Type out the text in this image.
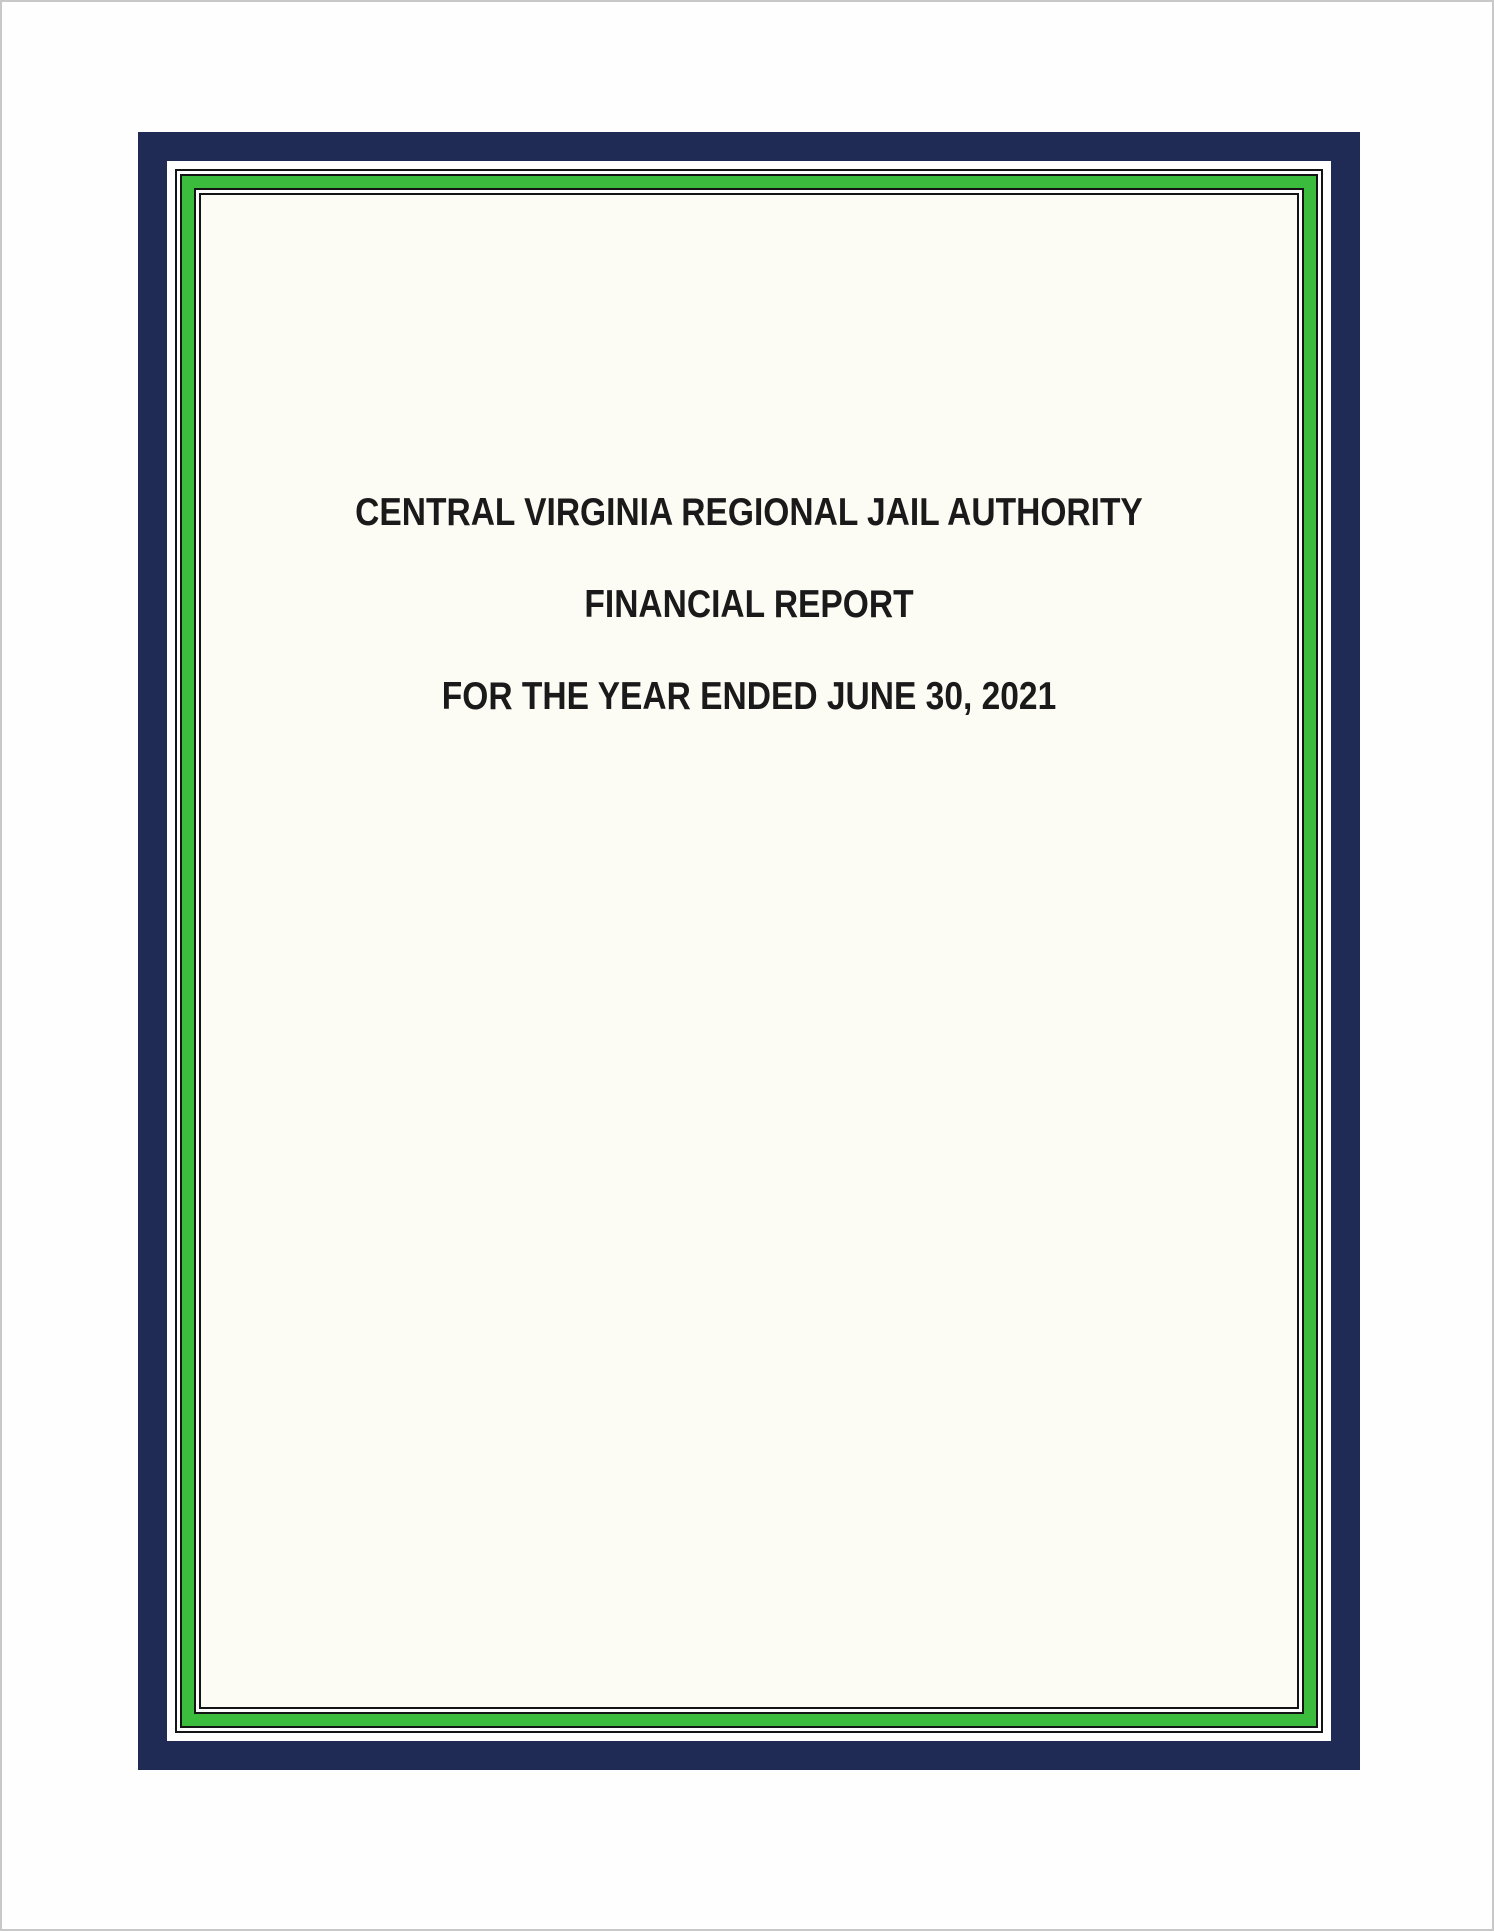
CENTRAL VIRGINIA REGIONAL JAIL AUTHORITY
FINANCIAL REPORT
FOR THE YEAR ENDED JUNE 30, 2021
